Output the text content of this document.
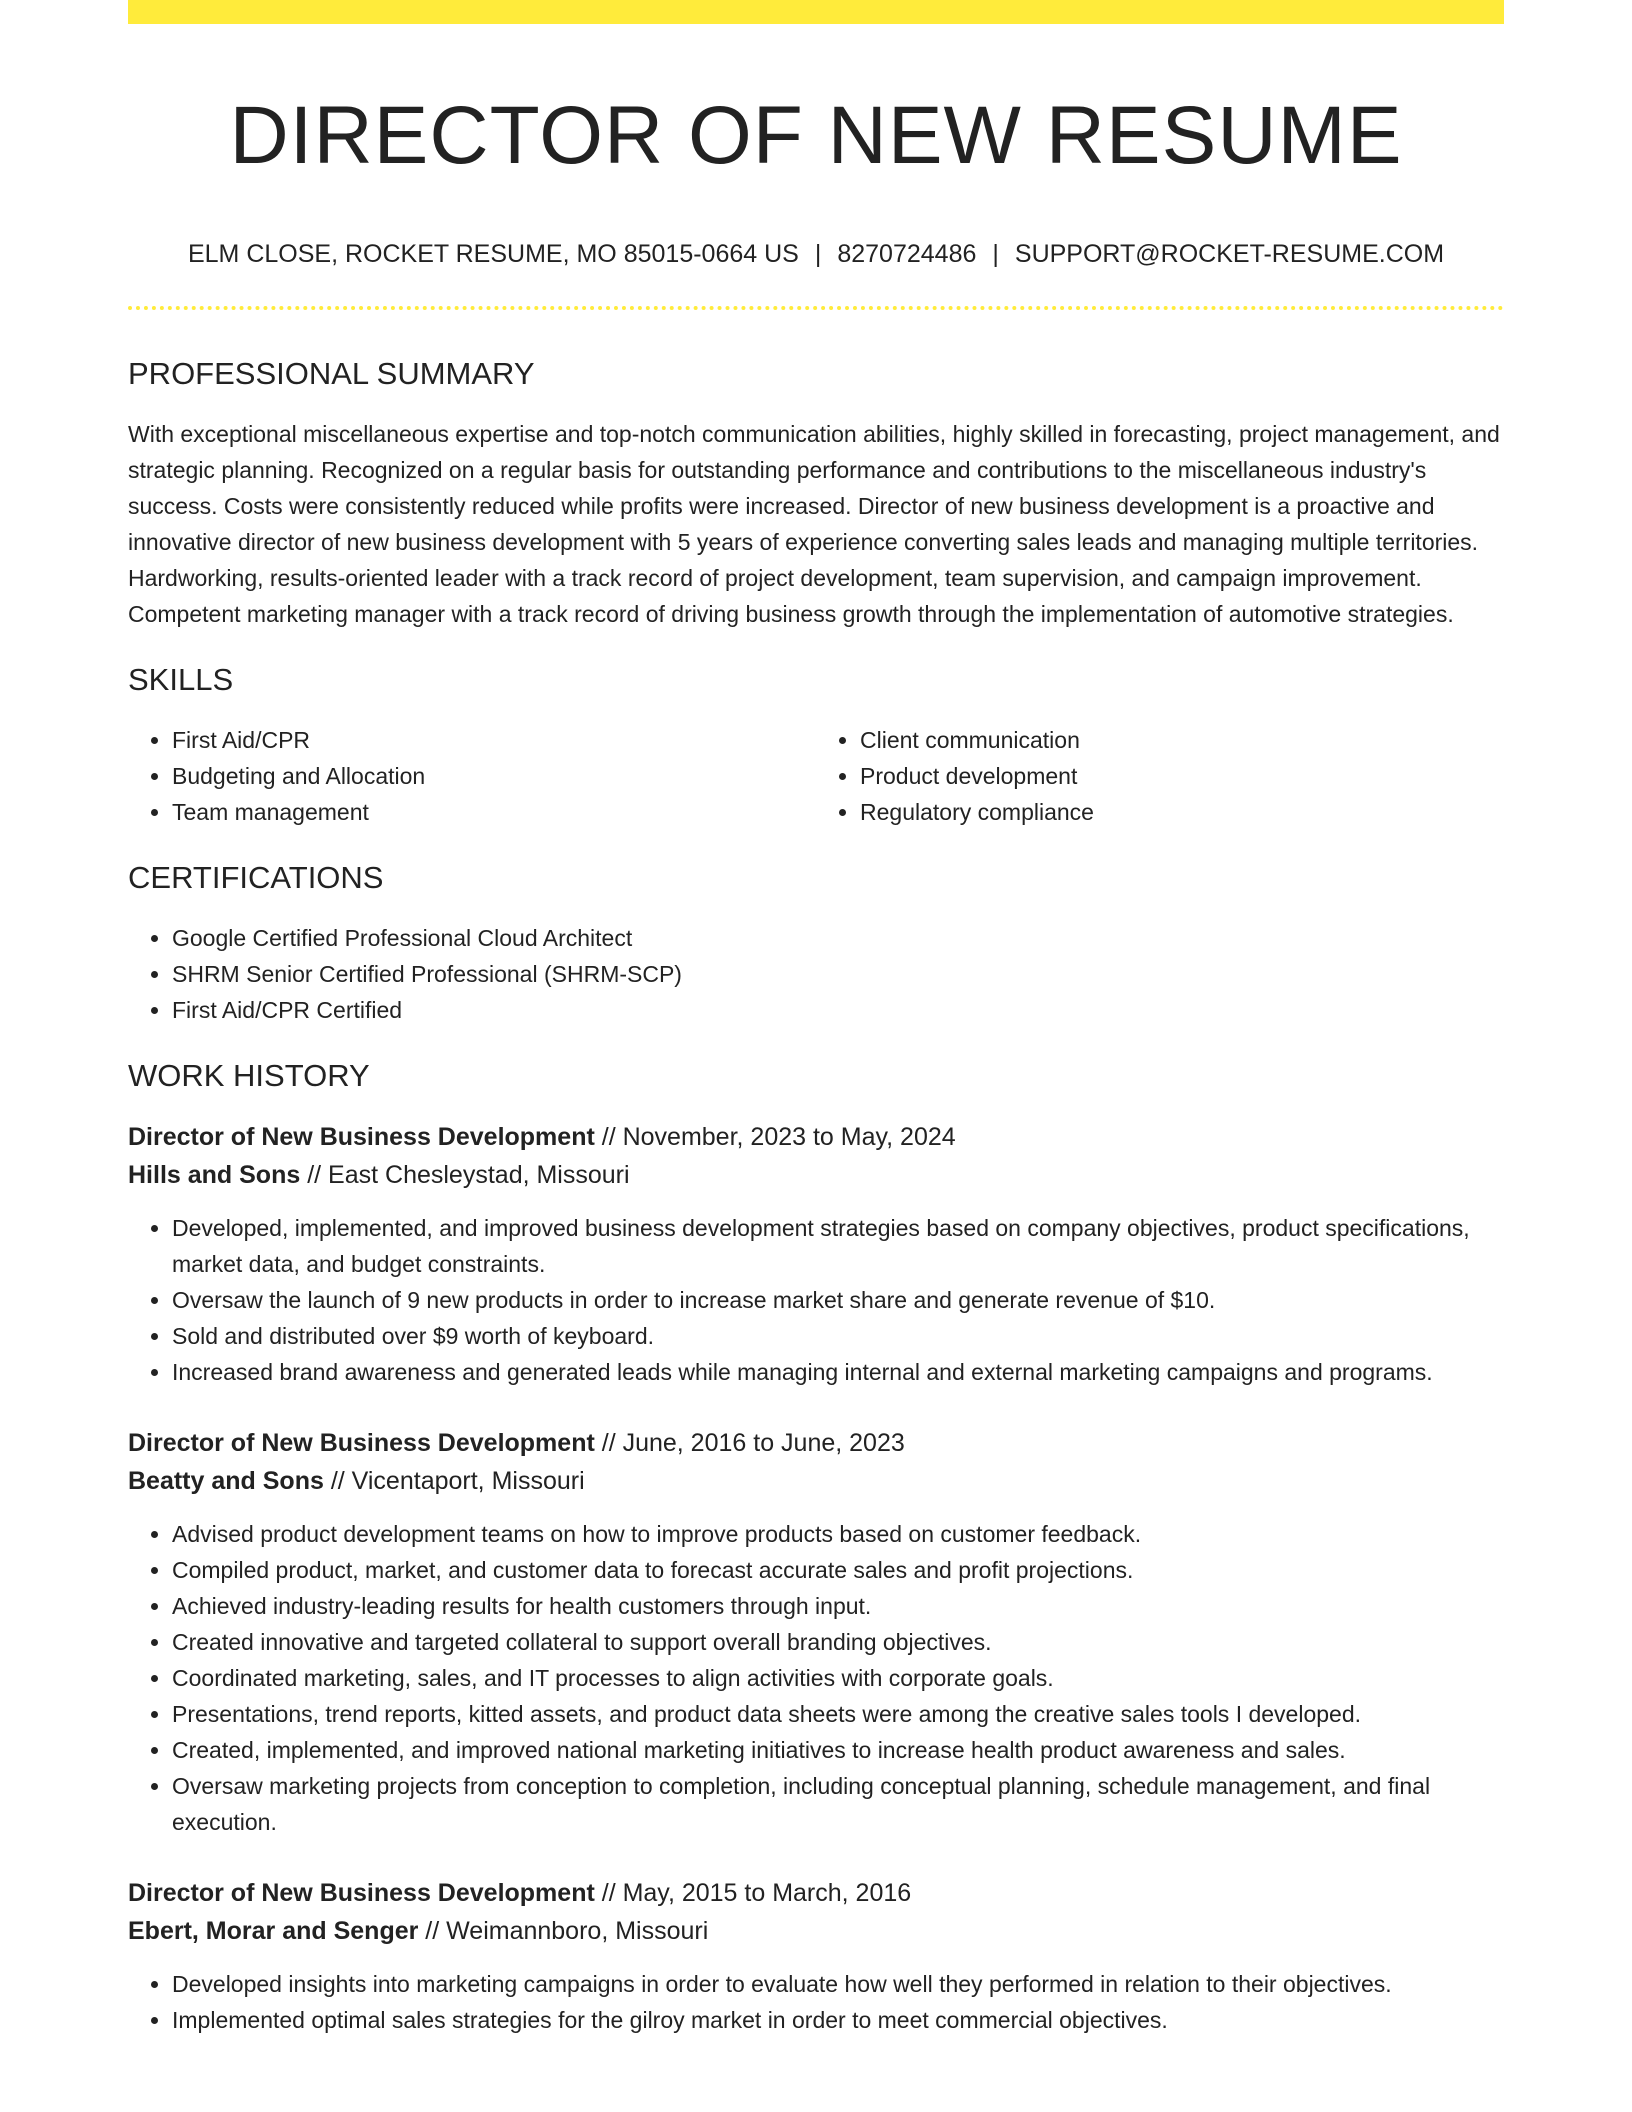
DIRECTOR OF NEW RESUME
ELM CLOSE, ROCKET RESUME, MO 85015-0664 US | 8270724486 | SUPPORT@ROCKET-RESUME.COM
PROFESSIONAL SUMMARY

With exceptional miscellaneous expertise and top-notch communication abilities, highly skilled in forecasting, project management, and strategic planning. Recognized on a regular basis for outstanding performance and contributions to the miscellaneous industry's success. Costs were consistently reduced while profits were increased. Director of new business development is a proactive and innovative director of new business development with 5 years of experience converting sales leads and managing multiple territories. Hardworking, results-oriented leader with a track record of project development, team supervision, and campaign improvement. Competent marketing manager with a track record of driving business growth through the implementation of automotive strategies.

SKILLS
• First Aid/CPR
• Budgeting and Allocation
• Team management
• Client communication
• Product development
• Regulatory compliance
CERTIFICATIONS
• Google Certified Professional Cloud Architect
• SHRM Senior Certified Professional (SHRM-SCP)
• First Aid/CPR Certified
WORK HISTORY
Director of New Business Development // November, 2023 to May, 2024
Hills and Sons // East Chesleystad, Missouri
• Developed, implemented, and improved business development strategies based on company objectives, product specifications, market data, and budget constraints.
• Oversaw the launch of 9 new products in order to increase market share and generate revenue of $10.
• Sold and distributed over $9 worth of keyboard.
• Increased brand awareness and generated leads while managing internal and external marketing campaigns and programs.
Director of New Business Development // June, 2016 to June, 2023
Beatty and Sons // Vicentaport, Missouri
• Advised product development teams on how to improve products based on customer feedback.
• Compiled product, market, and customer data to forecast accurate sales and profit projections.
• Achieved industry-leading results for health customers through input.
• Created innovative and targeted collateral to support overall branding objectives.
• Coordinated marketing, sales, and IT processes to align activities with corporate goals.
• Presentations, trend reports, kitted assets, and product data sheets were among the creative sales tools I developed.
• Created, implemented, and improved national marketing initiatives to increase health product awareness and sales.
• Oversaw marketing projects from conception to completion, including conceptual planning, schedule management, and final execution.
Director of New Business Development // May, 2015 to March, 2016
Ebert, Morar and Senger // Weimannboro, Missouri
• Developed insights into marketing campaigns in order to evaluate how well they performed in relation to their objectives.
• Implemented optimal sales strategies for the gilroy market in order to meet commercial objectives.
